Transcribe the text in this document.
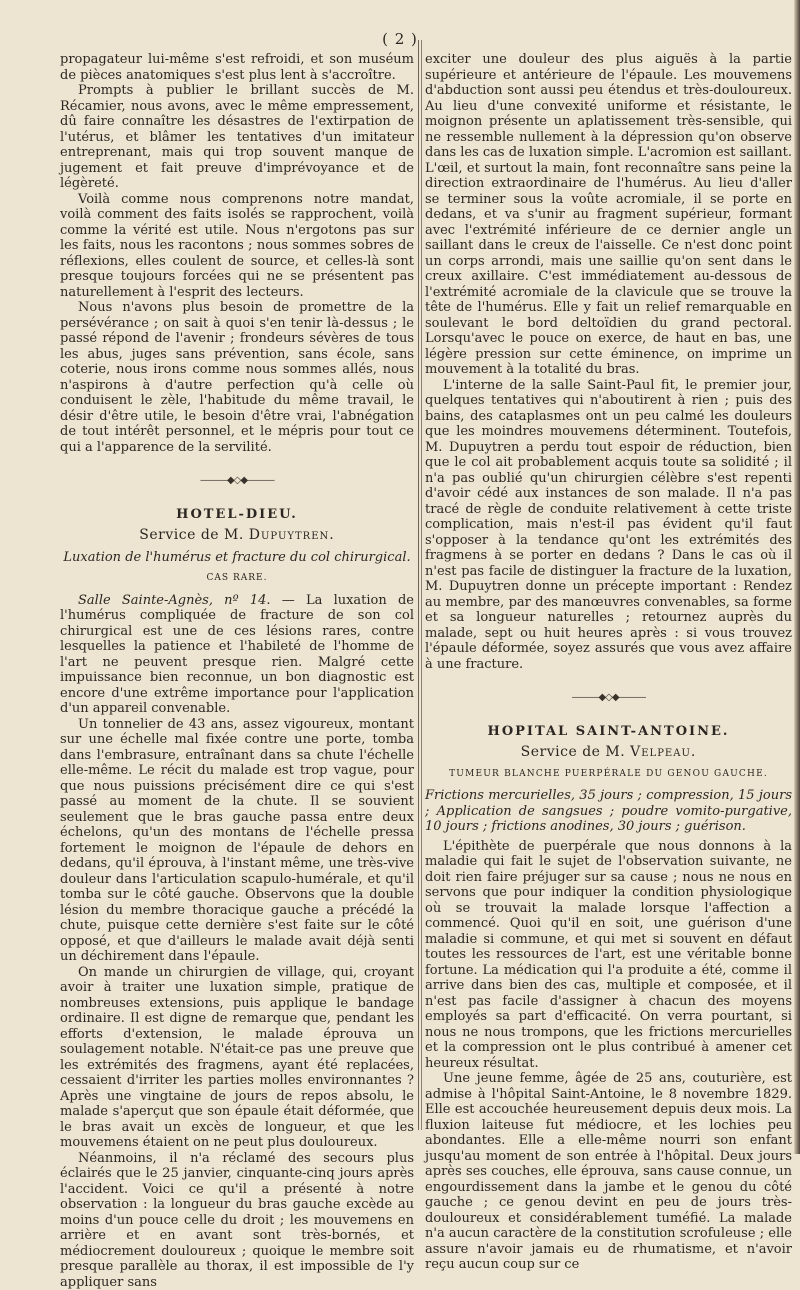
( 2 )

propagateur lui-même s'est refroidi, et son muséum de pièces anatomiques s'est plus lent à s'accroître.

Prompts à publier le brillant succès de M. Récamier, nous avons, avec le même empressement, dû faire connaître les désastres de l'extirpation de l'utérus, et blâmer les tentatives d'un imitateur entreprenant, mais qui trop souvent manque de jugement et fait preuve d'imprévoyance et de légèreté.

Voilà comme nous comprenons notre mandat, voilà comment des faits isolés se rapprochent, voilà comme la vérité est utile. Nous n'ergotons pas sur les faits, nous les racontons ; nous sommes sobres de réflexions, elles coulent de source, et celles-là sont presque toujours forcées qui ne se présentent pas naturellement à l'esprit des lecteurs.

Nous n'avons plus besoin de promettre de la persévérance ; on sait à quoi s'en tenir là-dessus ; le passé répond de l'avenir ; frondeurs sévères de tous les abus, juges sans prévention, sans école, sans coterie, nous irons comme nous sommes allés, nous n'aspirons à d'autre perfection qu'à celle où conduisent le zèle, l'habitude du même travail, le désir d'être utile, le besoin d'être vrai, l'abnégation de tout intérêt personnel, et le mépris pour tout ce qui a l'apparence de la servilité.

———◆◇◆———
HOTEL-DIEU.
Service de M. Dupuytren.
Luxation de l'humérus et fracture du col chirurgical.
CAS RARE.

Salle Sainte-Agnès, nº 14. — La luxation de l'humérus compliquée de fracture de son col chirurgical est une de ces lésions rares, contre lesquelles la patience et l'habileté de l'homme de l'art ne peuvent presque rien. Malgré cette impuissance bien reconnue, un bon diagnostic est encore d'une extrême importance pour l'application d'un appareil convenable.

Un tonnelier de 43 ans, assez vigoureux, montant sur une échelle mal fixée contre une porte, tomba dans l'embrasure, entraînant dans sa chute l'échelle elle-même. Le récit du malade est trop vague, pour que nous puissions précisément dire ce qui s'est passé au moment de la chute. Il se souvient seulement que le bras gauche passa entre deux échelons, qu'un des montans de l'échelle pressa fortement le moignon de l'épaule de dehors en dedans, qu'il éprouva, à l'instant même, une très-vive douleur dans l'articulation scapulo-humérale, et qu'il tomba sur le côté gauche. Observons que la double lésion du membre thoracique gauche a précédé la chute, puisque cette dernière s'est faite sur le côté opposé, et que d'ailleurs le malade avait déjà senti un déchirement dans l'épaule.

On mande un chirurgien de village, qui, croyant avoir à traiter une luxation simple, pratique de nombreuses extensions, puis applique le bandage ordinaire. Il est digne de remarque que, pendant les efforts d'extension, le malade éprouva un soulagement notable. N'était-ce pas une preuve que les extrémités des fragmens, ayant été replacées, cessaient d'irriter les parties molles environnantes ? Après une vingtaine de jours de repos absolu, le malade s'aperçut que son épaule était déformée, que le bras avait un excès de longueur, et que les mouvemens étaient on ne peut plus douloureux.

Néanmoins, il n'a réclamé des secours plus éclairés que le 25 janvier, cinquante-cinq jours après l'accident. Voici ce qu'il a présenté à notre observation : la longueur du bras gauche excède au moins d'un pouce celle du droit ; les mouvemens en arrière et en avant sont très-bornés, et médiocrement douloureux ; quoique le membre soit presque parallèle au thorax, il est impossible de l'y appliquer sans

exciter une douleur des plus aiguës à la partie supérieure et antérieure de l'épaule. Les mouvemens d'abduction sont aussi peu étendus et très-douloureux. Au lieu d'une convexité uniforme et résistante, le moignon présente un aplatissement très-sensible, qui ne ressemble nullement à la dépression qu'on observe dans les cas de luxation simple. L'acromion est saillant. L'œil, et surtout la main, font reconnaître sans peine la direction extraordinaire de l'humérus. Au lieu d'aller se terminer sous la voûte acromiale, il se porte en dedans, et va s'unir au fragment supérieur, formant avec l'extrémité inférieure de ce dernier angle un saillant dans le creux de l'aisselle. Ce n'est donc point un corps arrondi, mais une saillie qu'on sent dans le creux axillaire. C'est immédiatement au-dessous de l'extrémité acromiale de la clavicule que se trouve la tête de l'humérus. Elle y fait un relief remarquable en soulevant le bord deltoïdien du grand pectoral. Lorsqu'avec le pouce on exerce, de haut en bas, une légère pression sur cette éminence, on imprime un mouvement à la totalité du bras.

L'interne de la salle Saint-Paul fit, le premier jour, quelques tentatives qui n'aboutirent à rien ; puis des bains, des cataplasmes ont un peu calmé les douleurs que les moindres mouvemens déterminent. Toutefois, M. Dupuytren a perdu tout espoir de réduction, bien que le col ait probablement acquis toute sa solidité ; il n'a pas oublié qu'un chirurgien célèbre s'est repenti d'avoir cédé aux instances de son malade. Il n'a pas tracé de règle de conduite relativement à cette triste complication, mais n'est-il pas évident qu'il faut s'opposer à la tendance qu'ont les extrémités des fragmens à se porter en dedans ? Dans le cas où il n'est pas facile de distinguer la fracture de la luxation, M. Dupuytren donne un précepte important : Rendez au membre, par des manœuvres convenables, sa forme et sa longueur naturelles ; retournez auprès du malade, sept ou huit heures après : si vous trouvez l'épaule déformée, soyez assurés que vous avez affaire à une fracture.

———◆◇◆———
HOPITAL SAINT-ANTOINE.
Service de M. Velpeau.
TUMEUR BLANCHE PUERPÉRALE DU GENOU GAUCHE.

Frictions mercurielles, 35 jours ; compression, 15 jours ; Application de sangsues ; poudre vomito-purgative, 10 jours ; frictions anodines, 30 jours ; guérison.

L'épithète de puerpérale que nous donnons à la maladie qui fait le sujet de l'observation suivante, ne doit rien faire préjuger sur sa cause ; nous ne nous en servons que pour indiquer la condition physiologique où se trouvait la malade lorsque l'affection a commencé. Quoi qu'il en soit, une guérison d'une maladie si commune, et qui met si souvent en défaut toutes les ressources de l'art, est une véritable bonne fortune. La médication qui l'a produite a été, comme il arrive dans bien des cas, multiple et composée, et il n'est pas facile d'assigner à chacun des moyens employés sa part d'efficacité. On verra pourtant, si nous ne nous trompons, que les frictions mercurielles et la compression ont le plus contribué à amener cet heureux résultat.

Une jeune femme, âgée de 25 ans, couturière, est admise à l'hôpital Saint-Antoine, le 8 novembre 1829. Elle est accouchée heureusement depuis deux mois. La fluxion laiteuse fut médiocre, et les lochies peu abondantes. Elle a elle-même nourri son enfant jusqu'au moment de son entrée à l'hôpital. Deux jours après ses couches, elle éprouva, sans cause connue, un engourdissement dans la jambe et le genou du côté gauche ; ce genou devint en peu de jours très-douloureux et considérablement tuméfié. La malade n'a aucun caractère de la constitution scrofuleuse ; elle assure n'avoir jamais eu de rhumatisme, et n'avoir reçu aucun coup sur ce
